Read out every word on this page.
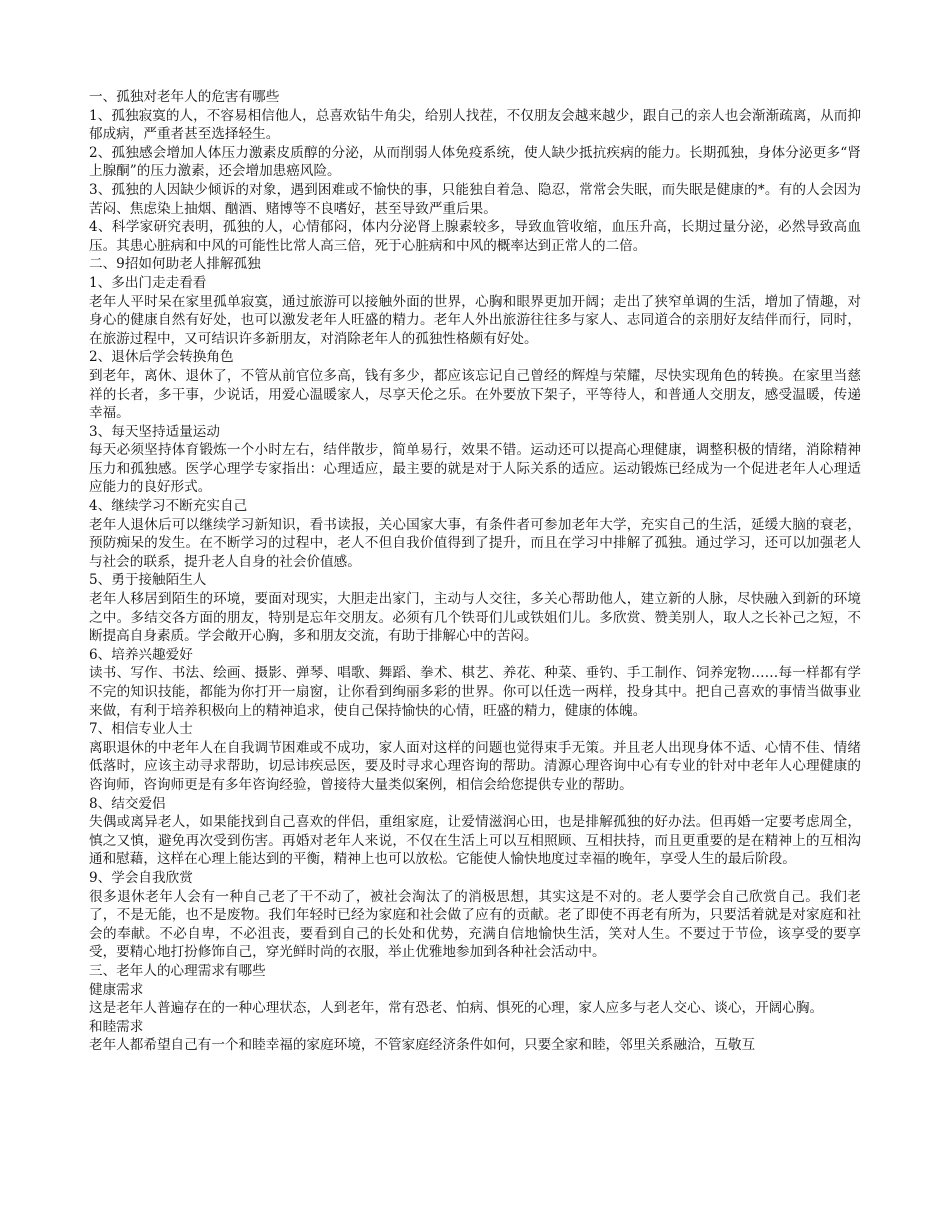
一、孤独对老年人的危害有哪些

1、孤独寂寞的人，不容易相信他人，总喜欢钻牛角尖，给别人找茬，不仅朋友会越来越少，跟自己的亲人也会渐渐疏离，从而抑郁成病，严重者甚至选择轻生。

2、孤独感会增加人体压力激素皮质醇的分泌，从而削弱人体免疫系统，使人缺少抵抗疾病的能力。长期孤独，身体分泌更多“肾上腺酮”的压力激素，还会增加患癌风险。

3、孤独的人因缺少倾诉的对象，遇到困难或不愉快的事，只能独自着急、隐忍，常常会失眠，而失眠是健康的*。有的人会因为苦闷、焦虑染上抽烟、酗酒、赌博等不良嗜好，甚至导致严重后果。

4、科学家研究表明，孤独的人，心情郁闷，体内分泌肾上腺素较多，导致血管收缩，血压升高，长期过量分泌，必然导致高血压。其患心脏病和中风的可能性比常人高三倍，死于心脏病和中风的概率达到正常人的二倍。

二、9招如何助老人排解孤独

1、多出门走走看看

老年人平时呆在家里孤单寂寞，通过旅游可以接触外面的世界，心胸和眼界更加开阔；走出了狭窄单调的生活，增加了情趣，对身心的健康自然有好处，也可以激发老年人旺盛的精力。老年人外出旅游往往多与家人、志同道合的亲朋好友结伴而行，同时，在旅游过程中，又可结识许多新朋友，对消除老年人的孤独性格颇有好处。

2、退休后学会转换角色

到老年，离休、退休了，不管从前官位多高，钱有多少，都应该忘记自己曾经的辉煌与荣耀，尽快实现角色的转换。在家里当慈祥的长者，多干事，少说话，用爱心温暖家人，尽享天伦之乐。在外要放下架子，平等待人，和普通人交朋友，感受温暖，传递幸福。

3、每天坚持适量运动

每天必须坚持体育锻炼一个小时左右，结伴散步，简单易行，效果不错。运动还可以提高心理健康，调整积极的情绪，消除精神压力和孤独感。医学心理学专家指出：心理适应，最主要的就是对于人际关系的适应。运动锻炼已经成为一个促进老年人心理适应能力的良好形式。

4、继续学习不断充实自己

老年人退休后可以继续学习新知识，看书读报，关心国家大事，有条件者可参加老年大学，充实自己的生活，延缓大脑的衰老，预防痴呆的发生。在不断学习的过程中，老人不但自我价值得到了提升，而且在学习中排解了孤独。通过学习，还可以加强老人与社会的联系，提升老人自身的社会价值感。

5、勇于接触陌生人

老年人移居到陌生的环境，要面对现实，大胆走出家门，主动与人交往，多关心帮助他人，建立新的人脉，尽快融入到新的环境之中。多结交各方面的朋友，特别是忘年交朋友。必须有几个铁哥们儿或铁姐们儿。多欣赏、赞美别人，取人之长补己之短，不断提高自身素质。学会敞开心胸，多和朋友交流，有助于排解心中的苦闷。

6、培养兴趣爱好

读书、写作、书法、绘画、摄影、弹琴、唱歌、舞蹈、拳术、棋艺、养花、种菜、垂钓、手工制作、饲养宠物……每一样都有学不完的知识技能，都能为你打开一扇窗，让你看到绚丽多彩的世界。你可以任选一两样，投身其中。把自己喜欢的事情当做事业来做，有利于培养积极向上的精神追求，使自己保持愉快的心情，旺盛的精力，健康的体魄。

7、相信专业人士

离职退休的中老年人在自我调节困难或不成功，家人面对这样的问题也觉得束手无策。并且老人出现身体不适、心情不佳、情绪低落时，应该主动寻求帮助，切忌讳疾忌医，要及时寻求心理咨询的帮助。清源心理咨询中心有专业的针对中老年人心理健康的咨询师，咨询师更是有多年咨询经验，曾接待大量类似案例，相信会给您提供专业的帮助。

8、结交爱侣

失偶或离异老人，如果能找到自己喜欢的伴侣，重组家庭，让爱情滋润心田，也是排解孤独的好办法。但再婚一定要考虑周全，慎之又慎，避免再次受到伤害。再婚对老年人来说，不仅在生活上可以互相照顾、互相扶持，而且更重要的是在精神上的互相沟通和慰藉，这样在心理上能达到的平衡，精神上也可以放松。它能使人愉快地度过幸福的晚年，享受人生的最后阶段。

9、学会自我欣赏

很多退休老年人会有一种自己老了干不动了，被社会淘汰了的消极思想，其实这是不对的。老人要学会自己欣赏自己。我们老了，不是无能，也不是废物。我们年轻时已经为家庭和社会做了应有的贡献。老了即使不再老有所为，只要活着就是对家庭和社会的奉献。不必自卑，不必沮丧，要看到自己的长处和优势，充满自信地愉快生活，笑对人生。不要过于节俭，该享受的要享受，要精心地打扮修饰自己，穿光鲜时尚的衣服，举止优雅地参加到各种社会活动中。

三、老年人的心理需求有哪些

健康需求

这是老年人普遍存在的一种心理状态，人到老年，常有恐老、怕病、惧死的心理，家人应多与老人交心、谈心，开阔心胸。

和睦需求

老年人都希望自己有一个和睦幸福的家庭环境，不管家庭经济条件如何，只要全家和睦，邻里关系融洽，互敬互
